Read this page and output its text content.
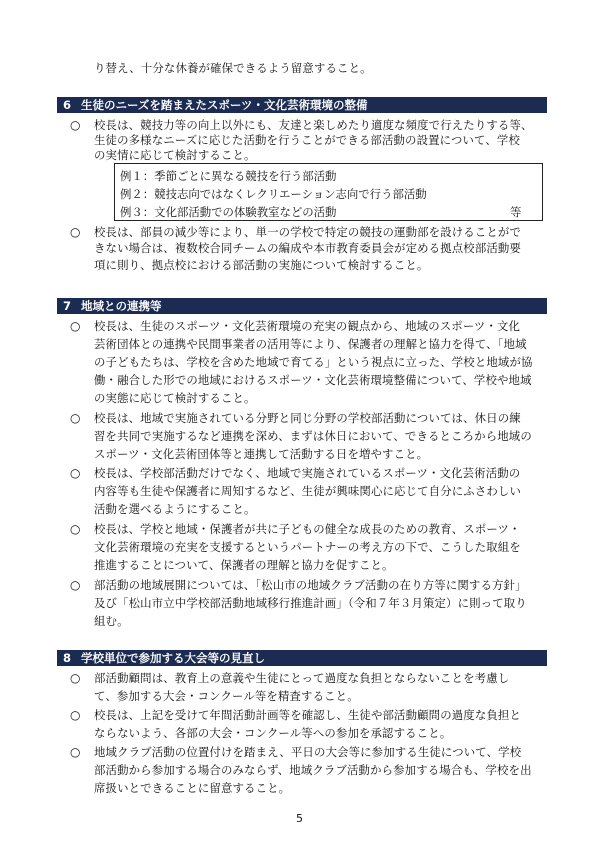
り替え、十分な休養が確保できるよう留意すること。
6 生徒のニーズを踏まえたスポーツ・文化芸術環境の整備
○ 校長は、競技力等の向上以外にも、友達と楽しめたり適度な頻度で行えたりする等、
生徒の多様なニーズに応じた活動を行うことができる部活動の設置について、学校
の実情に応じて検討すること。
例１：季節ごとに異なる競技を行う部活動
例２：競技志向ではなくレクリエーション志向で行う部活動
例３：文化部活動での体験教室などの活動	等
○ 校長は、部員の減少等により、単一の学校で特定の競技の運動部を設けることがで
きない場合は、複数校合同チームの編成や本市教育委員会が定める拠点校部活動要
項に則り、拠点校における部活動の実施について検討すること。
7 地域との連携等
○ 校長は、生徒のスポーツ・文化芸術環境の充実の観点から、地域のスポーツ・文化
芸術団体との連携や民間事業者の活用等により、保護者の理解と協力を得て、「地域
の子どもたちは、学校を含めた地域で育てる」という視点に立った、学校と地域が協
働・融合した形での地域におけるスポーツ・文化芸術環境整備について、学校や地域
の実態に応じて検討すること。
○ 校長は、地域で実施されている分野と同じ分野の学校部活動については、休日の練
習を共同で実施するなど連携を深め、まずは休日において、できるところから地域の
スポーツ・文化芸術団体等と連携して活動する日を増やすこと。
○ 校長は、学校部活動だけでなく、地域で実施されているスポーツ・文化芸術活動の
内容等も生徒や保護者に周知するなど、生徒が興味関心に応じて自分にふさわしい
活動を選べるようにすること。
○ 校長は、学校と地域・保護者が共に子どもの健全な成長のための教育、スポーツ・
文化芸術環境の充実を支援するというパートナーの考え方の下で、こうした取組を
推進することについて、保護者の理解と協力を促すこと。
○ 部活動の地域展開については、「松山市の地域クラブ活動の在り方等に関する方針」
及び「松山市立中学校部活動地域移行推進計画」（令和７年３月策定）に則って取り
組む。
8 学校単位で参加する大会等の見直し
○ 部活動顧問は、教育上の意義や生徒にとって過度な負担とならないことを考慮し
て、参加する大会・コンクール等を精査すること。
○ 校長は、上記を受けて年間活動計画等を確認し、生徒や部活動顧問の過度な負担と
ならないよう、各部の大会・コンクール等への参加を承認すること。
○ 地域クラブ活動の位置付けを踏まえ、平日の大会等に参加する生徒について、学校
部活動から参加する場合のみならず、地域クラブ活動から参加する場合も、学校を出
席扱いとできることに留意すること。
5
